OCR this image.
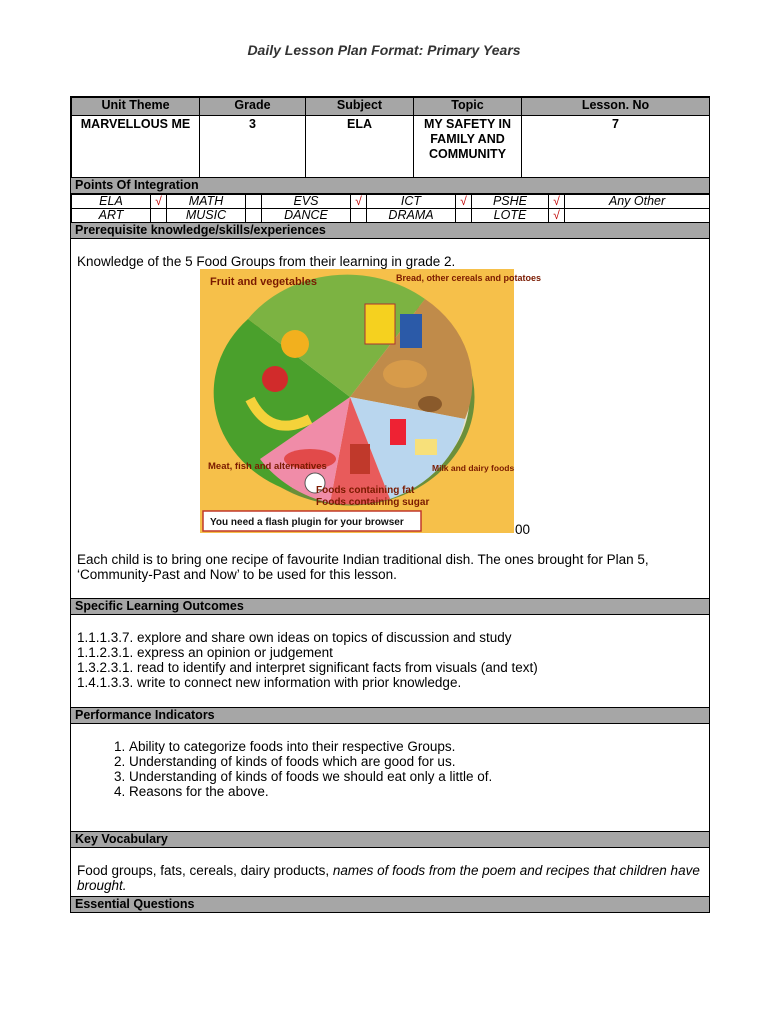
Daily Lesson Plan Format: Primary Years
Unit Theme	Grade	Subject	Topic	Lesson. No
MARVELLOUS ME	3	ELA	MY SAFETY IN FAMILY AND COMMUNITY	7
Points Of Integration
ELA	√	MATH		EVS	√	ICT	√	PSHE	√	Any Other
ART		MUSIC		DANCE		DRAMA		LOTE	√	
Prerequisite knowledge/skills/experiences
Knowledge of the 5 Food Groups from their learning in grade 2.
Fruit and vegetables	Bread, other cereals and potatoes
Meat, fish and alternatives	Milk and dairy foods
Foods containing fat
Foods containing sugar
You need a flash plugin for your browser	00
Each child is to bring one recipe of favourite Indian traditional dish. The ones brought for Plan 5, ‘Community-Past and Now’ to be used for this lesson.
Specific Learning Outcomes
1.1.1.3.7. explore and share own ideas on topics of discussion and study
1.1.2.3.1. express an opinion or judgement
1.3.2.3.1. read to identify and interpret significant facts from visuals (and text)
1.4.1.3.3. write to connect new information with prior knowledge.
Performance Indicators
1. Ability to categorize foods into their respective Groups.
2. Understanding of kinds of foods which are good for us.
3. Understanding of kinds of foods we should eat only a little of.
4. Reasons for the above.
Key Vocabulary
Food groups, fats, cereals, dairy products, names of foods from the poem and recipes that children have brought.
Essential Questions
